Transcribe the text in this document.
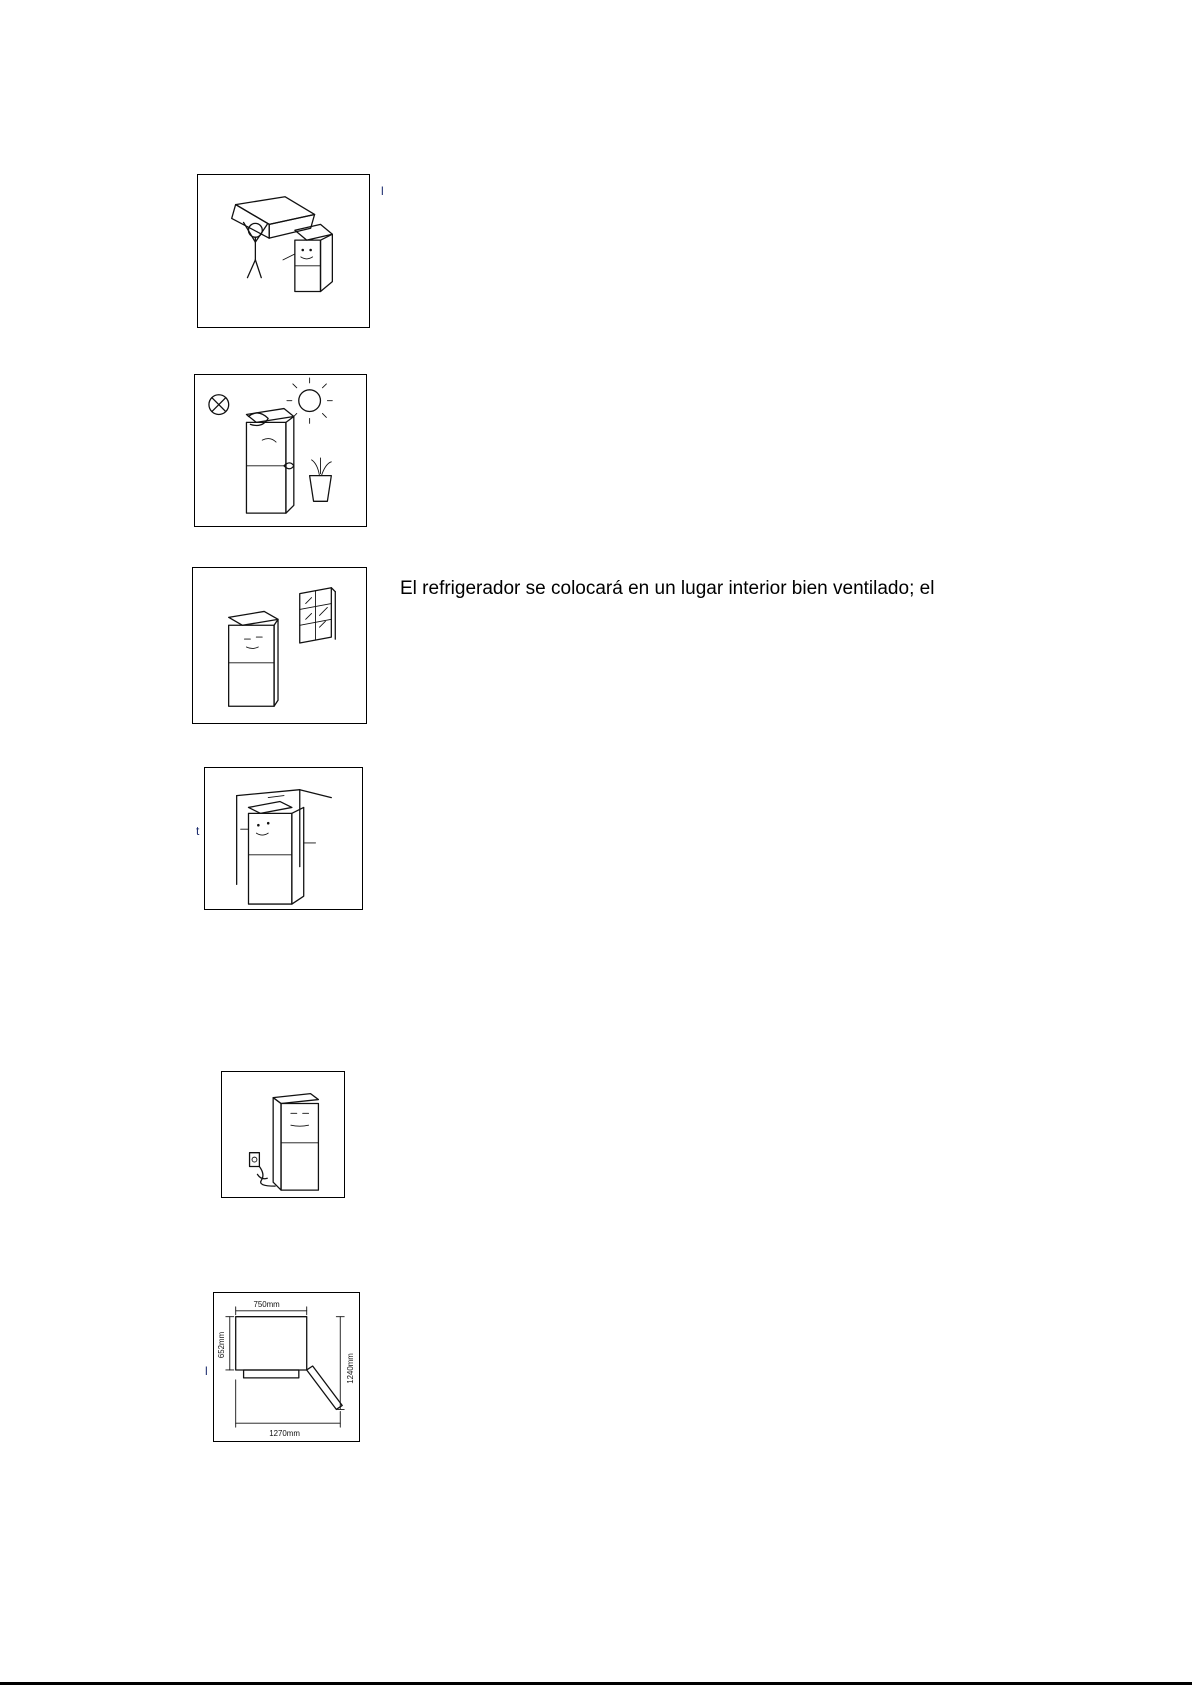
l
El refrigerador se colocará en un lugar interior bien ventilado; el
t
750mm
652mm
1240mm
1270mm
l
